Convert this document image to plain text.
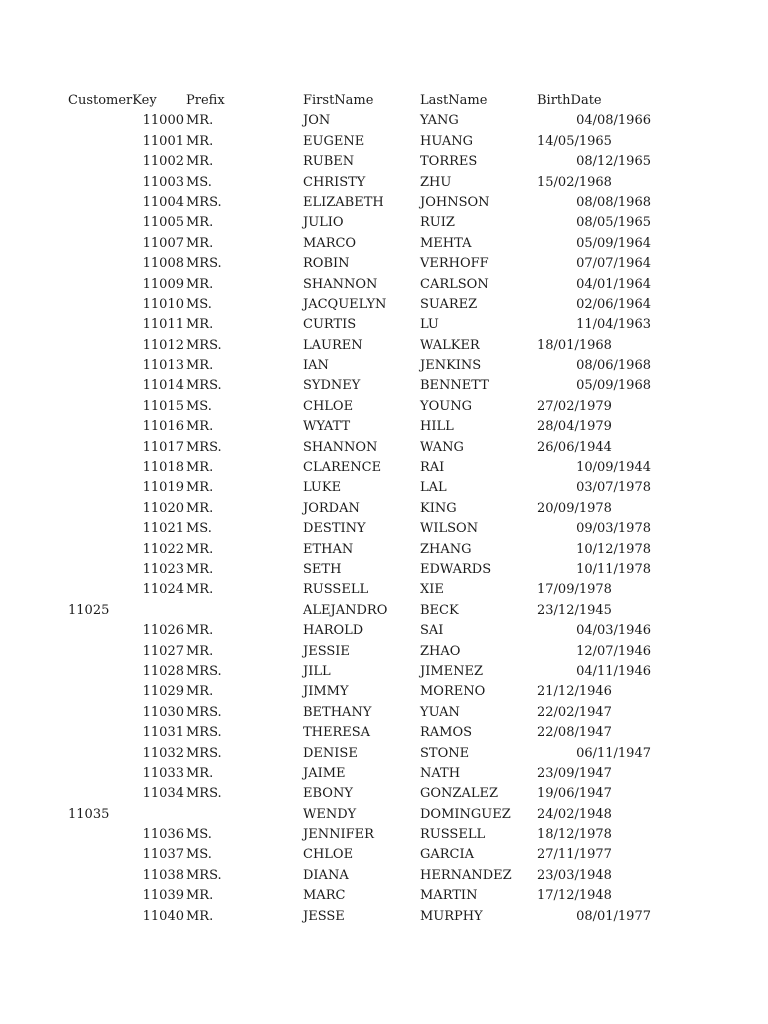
CustomerKey Prefix	FirstName	LastName	BirthDate
11000 MR.	JON	YANG	04/08/1966
11001 MR.	EUGENE	HUANG	14/05/1965
11002 MR.	RUBEN	TORRES	08/12/1965
11003 MS.	CHRISTY	ZHU	15/02/1968
11004 MRS.	ELIZABETH	JOHNSON	08/08/1968
11005 MR.	JULIO	RUIZ	08/05/1965
11007 MR.	MARCO	MEHTA	05/09/1964
11008 MRS.	ROBIN	VERHOFF	07/07/1964
11009 MR.	SHANNON	CARLSON	04/01/1964
11010 MS.	JACQUELYN	SUAREZ	02/06/1964
11011 MR.	CURTIS	LU	11/04/1963
11012 MRS.	LAUREN	WALKER	18/01/1968
11013 MR.	IAN	JENKINS	08/06/1968
11014 MRS.	SYDNEY	BENNETT	05/09/1968
11015 MS.	CHLOE	YOUNG	27/02/1979
11016 MR.	WYATT	HILL	28/04/1979
11017 MRS.	SHANNON	WANG	26/06/1944
11018 MR.	CLARENCE	RAI	10/09/1944
11019 MR.	LUKE	LAL	03/07/1978
11020 MR.	JORDAN	KING	20/09/1978
11021 MS.	DESTINY	WILSON	09/03/1978
11022 MR.	ETHAN	ZHANG	10/12/1978
11023 MR.	SETH	EDWARDS	10/11/1978
11024 MR.	RUSSELL	XIE	17/09/1978
11025	ALEJANDRO	BECK	23/12/1945
11026 MR.	HAROLD	SAI	04/03/1946
11027 MR.	JESSIE	ZHAO	12/07/1946
11028 MRS.	JILL	JIMENEZ	04/11/1946
11029 MR.	JIMMY	MORENO	21/12/1946
11030 MRS.	BETHANY	YUAN	22/02/1947
11031 MRS.	THERESA	RAMOS	22/08/1947
11032 MRS.	DENISE	STONE	06/11/1947
11033 MR.	JAIME	NATH	23/09/1947
11034 MRS.	EBONY	GONZALEZ	19/06/1947
11035	WENDY	DOMINGUEZ 24/02/1948
11036 MS.	JENNIFER	RUSSELL	18/12/1978
11037 MS.	CHLOE	GARCIA	27/11/1977
11038 MRS.	DIANA	HERNANDEZ 23/03/1948
11039 MR.	MARC	MARTIN	17/12/1948
11040 MR.	JESSE	MURPHY	08/01/1977
